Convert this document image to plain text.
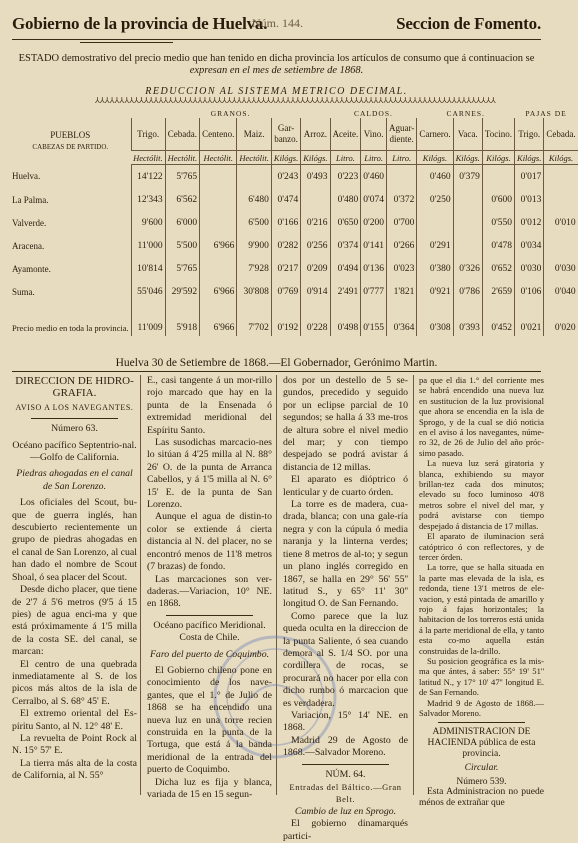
Gobierno de la provincia de Huelva.
Núm. 144.	Seccion de Fomento.
ESTADO demostrativo del precio medio que han tenido en dicha provincia los artículos de consumo que á continuacion se
expresan en el mes de setiembre de 1868.
REDUCCION AL SISTEMA METRICO DECIMAL.
⅄⅄⅄⅄⅄⅄⅄⅄⅄⅄⅄⅄⅄⅄⅄⅄⅄⅄⅄⅄⅄⅄⅄⅄⅄⅄⅄⅄⅄⅄⅄⅄⅄⅄⅄⅄⅄⅄⅄⅄⅄⅄⅄⅄⅄⅄⅄⅄⅄⅄⅄⅄⅄⅄⅄⅄⅄⅄⅄⅄⅄⅄⅄⅄⅄⅄⅄⅄⅄⅄⅄⅄⅄⅄⅄⅄⅄⅄⅄⅄⅄⅄
	GRANOS.						CALDOS.			CARNES.			PAJAS DE	
PUEBLOS
CABEZAS DE PARTIDO.	Trigo.	Cebada.	Centeno.	Maiz.	Gar-
banzo.	Arroz.	Aceite.	Vino.	Aguar-
diente.	Carnero.	Vaca.	Tocino.	Trigo.	Cebada.
	Hectólit.	Hectólit.	Hectólit.	Hectólit.	Kilógs.	Kilógs.	Litro.	Litro.	Litro.	Kilógs.	Kilógs.	Kilógs.	Kilógs.	Kilógs.
Huelva.	14'122	5'765			0'243	0'493	0'223	0'460		0'460	0'379		0'017	
La Palma.	12'343	6'562		6'480	0'474		0'480	0'074	0'372	0'250		0'600	0'013	
Valverde.	9'600	6'000		6'500	0'166	0'216	0'650	0'200	0'700			0'550	0'012	0'010
Aracena.	11'000	5'500	6'966	9'900	0'282	0'256	0'374	0'141	0'266	0'291		0'478	0'034	
Ayamonte.	10'814	5'765		7'928	0'217	0'209	0'494	0'136	0'023	0'380	0'326	0'652	0'030	0'030
Suma.	55'046	29'592	6'966	30'808	0'769	0'914	2'491	0'777	1'821	0'921	0'786	2'659	0'106	0'040
Precio medio en toda la provincia.	11'009	5'918	6'966	7'702	0'192	0'228	0'498	0'155	0'364	0'308	0'393	0'452	0'021	0'020
Huelva 30 de Setiembre de 1868.—El Gobernador, Gerónimo Martin.

DIRECCION DE HIDRO-

GRAFIA.

AVISO A LOS NAVEGANTES.

Número 63.

Océano pacífico Septentrio-nal.—Golfo de California.

Piedras ahogadas en el canal de San Lorenzo.

Los oficiales del Scout, bu-que de guerra inglés, han descubierto recientemente un grupo de piedras ahogadas en el canal de San Lorenzo, al cual han dado el nombre de Scout Shoal, ó sea placer del Scout.

Desde dicho placer, que tiene de 2'7 á 5'6 metros (9'5 á 15 pies) de agua enci-ma y que está próximamente á 1'5 milla de la costa SE. del canal, se marcan:

El centro de una quebrada inmediatamente al S. de los picos más altos de la isla de Cerralbo, al S. 68° 45' E.

El extremo oriental del Es-píritu Santo, al N. 12° 48' E.

La revuelta de Point Rock al N. 15° 57' E.

La tierra más alta de la costa de California, al N. 55°

E., casi tangente á un mor-rillo rojo marcado que hay en la punta de la Ensenada ó extremidad meridional del Espíritu Santo.

Las susodichas marcacio-nes lo sitúan á 4'25 milla al N. 88° 26' O. de la punta de Arranca Cabellos, y á 1'5 milla al N. 6° 15' E. de la punta de San Lorenzo.

Aunque el agua de distin-to color se extiende á cierta distancia al N. del placer, no se encontró menos de 11'8 metros (7 brazas) de fondo.

Las marcaciones son ver-daderas.—Variacion, 10° NE. en 1868.

Océano pacífico Meridional. Costa de Chile.

Faro del puerto de Coquimbo.

El Gobierno chileno pone en conocimiento de los nave-gantes, que el 1.° de Julio de 1868 se ha encendido una nueva luz en una torre recien construida en la punta de la Tortuga, que está á la banda meridional de la entrada del puerto de Coquimbo.

Dicha luz es fija y blanca, variada de 15 en 15 segun-

dos por un destello de 5 se-gundos, precedido y seguido por un eclipse parcial de 10 segundos; se halla á 33 me-tros de altura sobre el nivel medio del mar; y con tiempo despejado se podrá avistar á distancia de 12 millas.

El aparato es dióptrico ó lenticular y de cuarto órden.

La torre es de madera, cua-drada, blanca; con una gale-ría negra y con la cúpula ó media naranja y la linterna verdes; tiene 8 metros de al-to; y segun un plano inglés corregido en 1867, se halla en 29° 56' 55'' latitud S., y 65° 11' 30'' longitud O. de San Fernando.

Como parece que la luz queda oculta en la direccion de la punta Saliente, ó sea cuando demora al S. 1/4 SO. por una cordillera de rocas, se procurará no hacer por ella con dicho rumbo ó marcacion que es verdadera.

Variacion, 15° 14' NE. en 1868.

Madrid 29 de Agosto de 1868.—Salvador Moreno.

NÚM. 64.

Entradas del Báltico.—Gran Belt.

Cambio de luz en Sprogo.

El gobierno dinamarqués partici-

pa que el dia 1.° del corriente mes se habrá encendido una nueva luz en sustitucion de la luz provisional que ahora se encendia en la isla de Sprogo, y de la cual se dió noticia en el aviso á los navegantes, núme-ro 32, de 26 de Julio del año próc-simo pasado.

La nueva luz será giratoria y blanca, exhibiendo su mayor brillan-tez cada dos minutos; elevado su foco luminoso 40'8 metros sobre el nivel del mar, y podrá avistarse con tiempo despejado á distancia de 17 millas.

El aparato de iluminacion será catóptrico ó con reflectores, y de tercer órden.

La torre, que se halla situada en la parte mas elevada de la isla, es redonda, tiene 13'1 metros de ele-vacion, y está pintada de amarillo y rojo á fajas horizontales; la habitacion de los torreros está unida á la parte meridional de ella, y tanto esta co-mo aquella están construidas de la-drillo.

Su posicion geográfica es la mis-ma que ántes, á saber: 55° 19' 51'' latitud N., y 17° 10' 47'' longitud E. de San Fernando.

Madrid 9 de Agosto de 1868.—Salvador Moreno.

ADMINISTRACION DE HACIENDA pública de esta provincia.

Circular.

Número 539.

Esta Administracion no puede ménos de extrañar que
